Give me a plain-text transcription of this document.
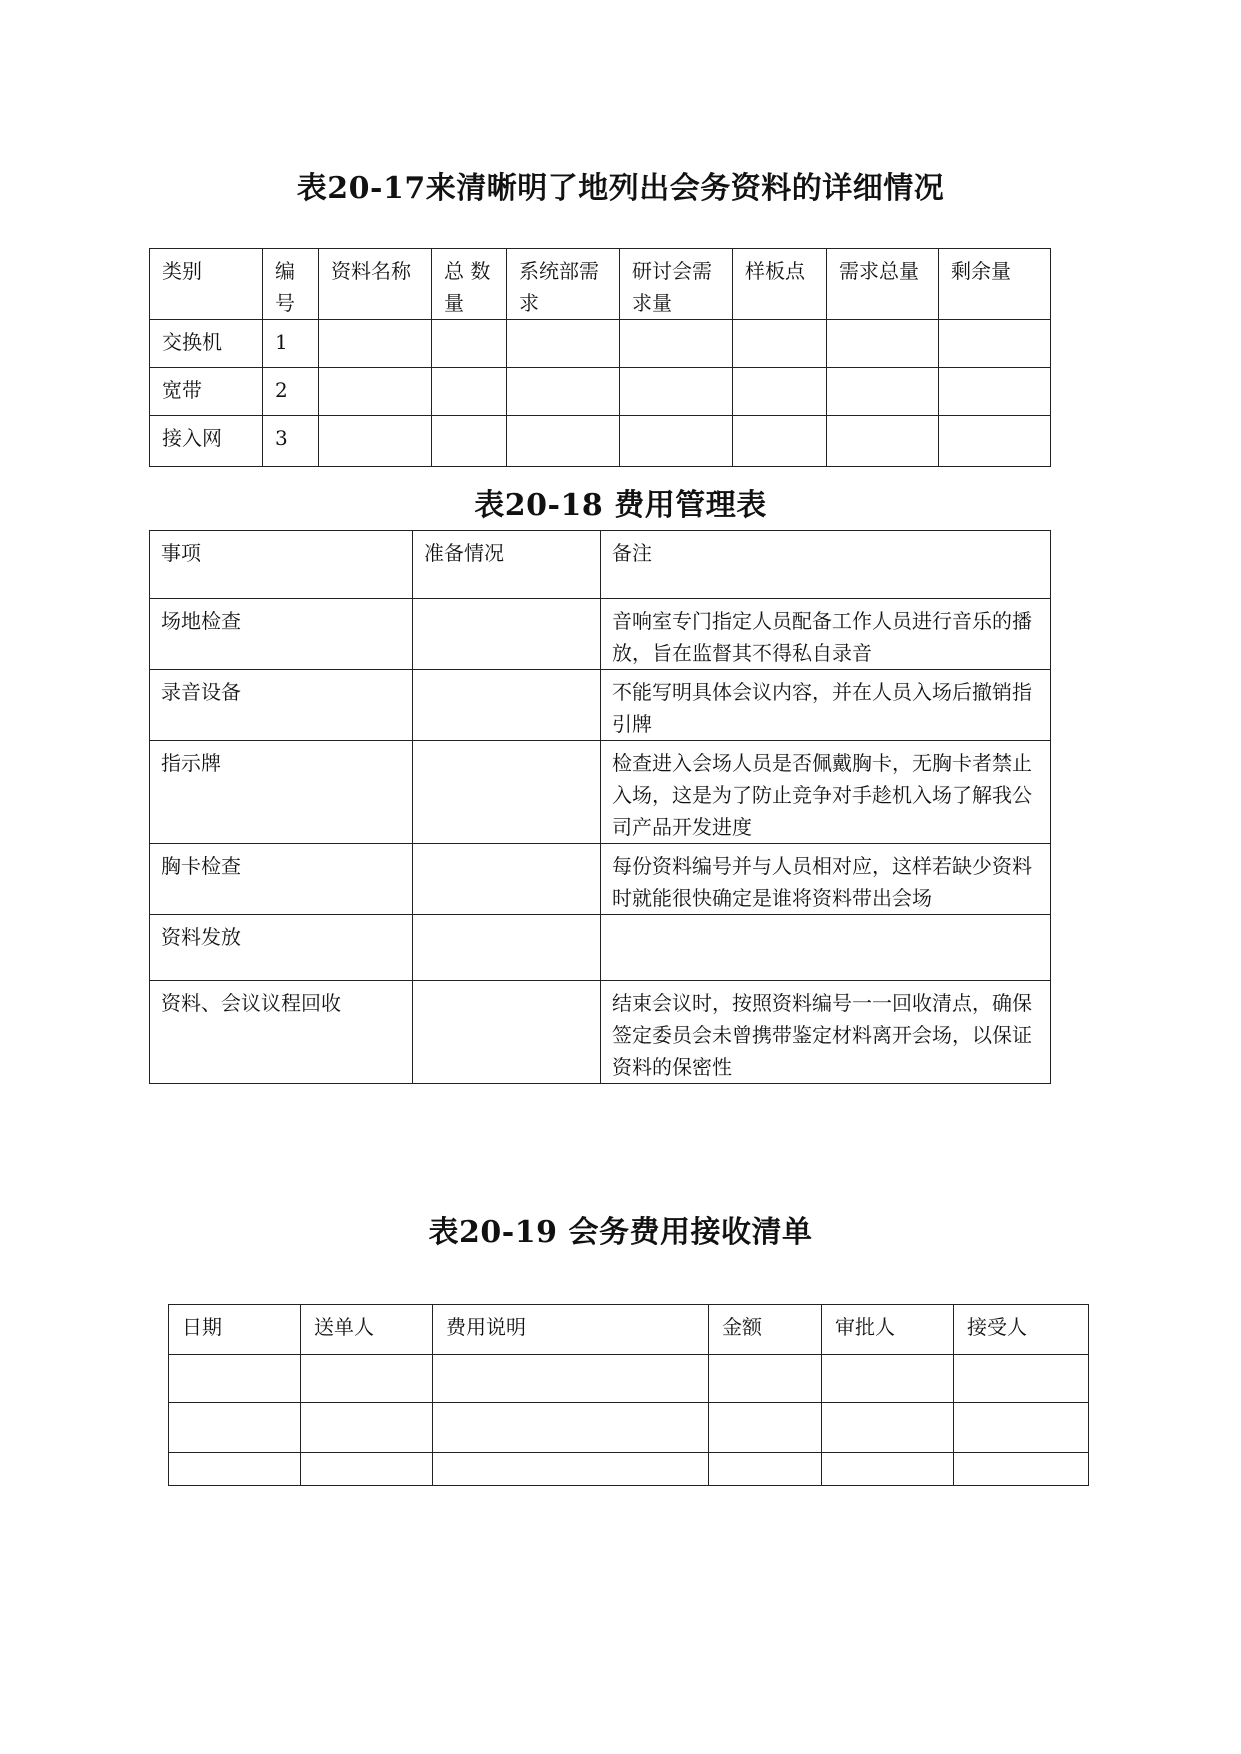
表20-17来清晰明了地列出会务资料的详细情况
类别	编号	资料名称	总 数量	系统部需求	研讨会需求量	样板点	需求总量	剩余量
交换机	1							
宽带	2							
接入网	3							
表20-18 费用管理表
事项	准备情况	备注
场地检查		音响室专门指定人员配备工作人员进行音乐的播放，旨在监督其不得私自录音
录音设备		不能写明具体会议内容，并在人员入场后撤销指引牌
指示牌		检查进入会场人员是否佩戴胸卡，无胸卡者禁止入场，这是为了防止竞争对手趁机入场了解我公司产品开发进度
胸卡检查		每份资料编号并与人员相对应，这样若缺少资料时就能很快确定是谁将资料带出会场
资料发放		
资料、会议议程回收		结束会议时，按照资料编号一一回收清点，确保签定委员会未曾携带鉴定材料离开会场，以保证资料的保密性
表20-19 会务费用接收清单
日期	送单人	费用说明	金额	审批人	接受人
